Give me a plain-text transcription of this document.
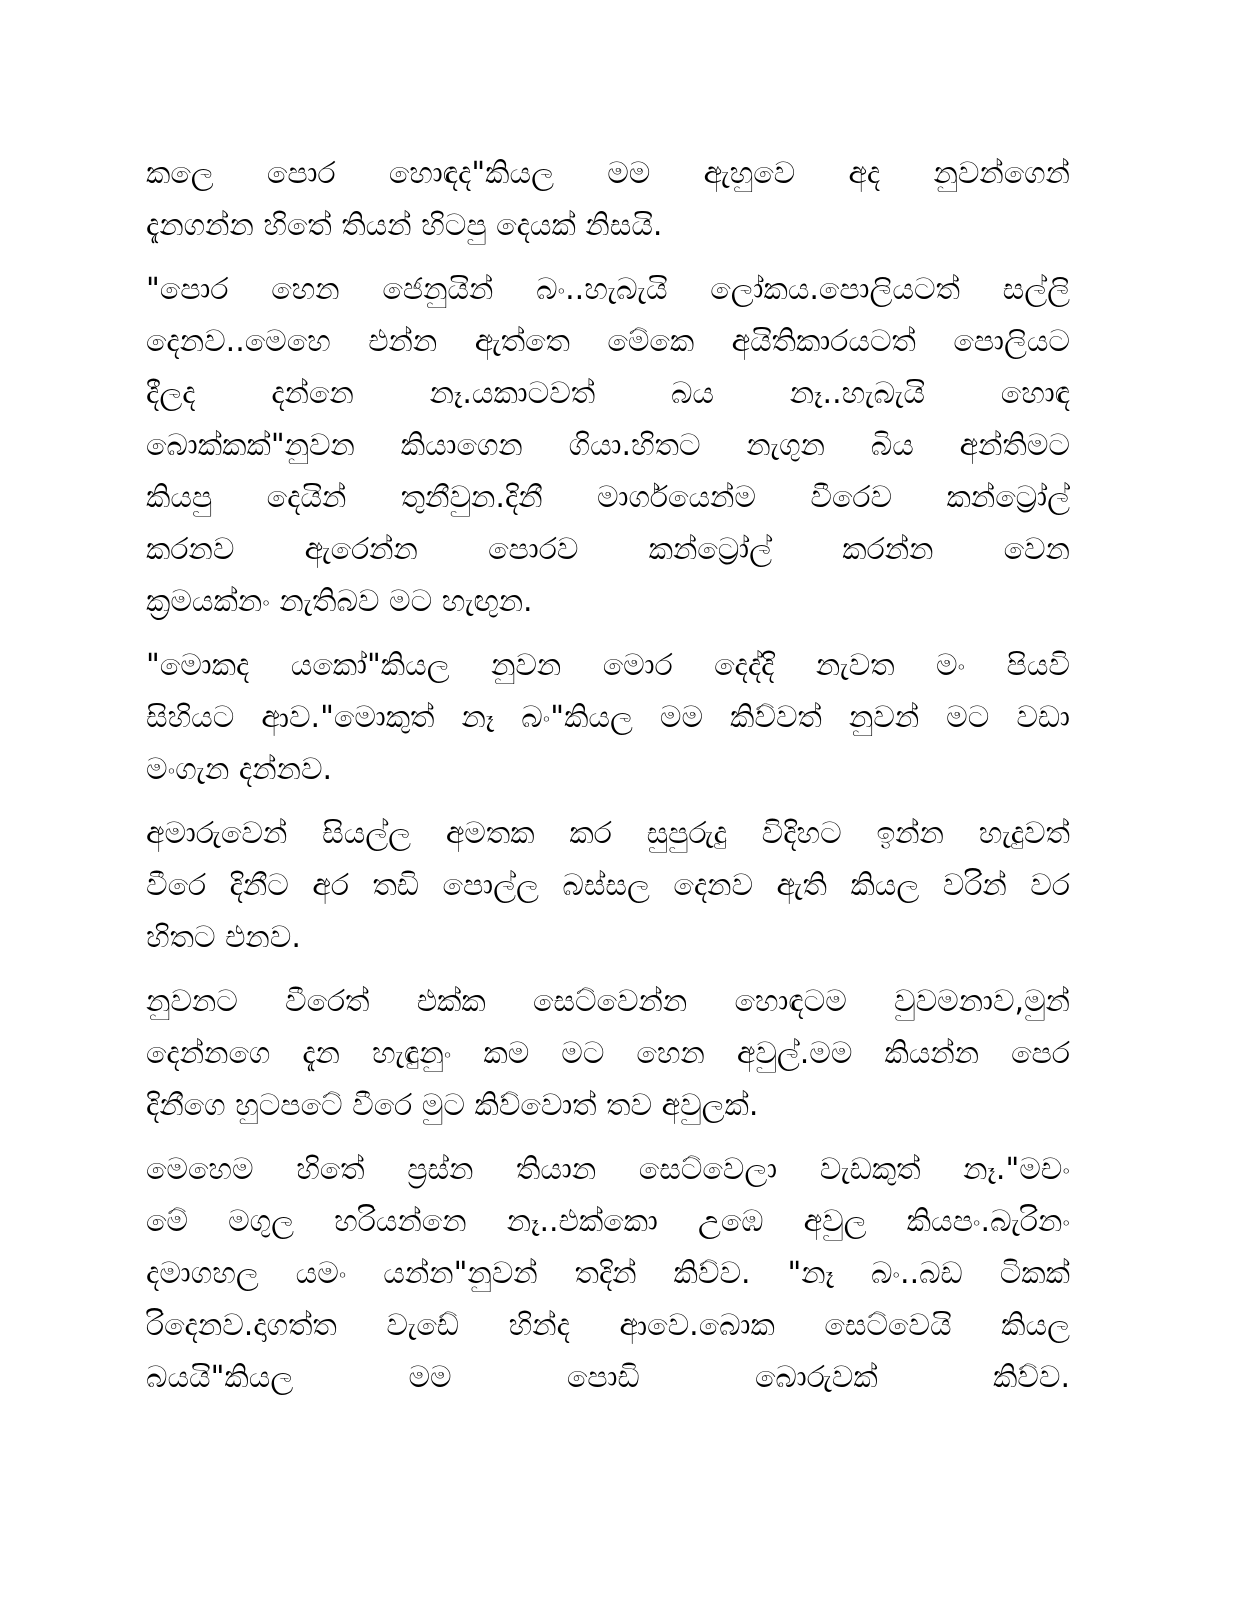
කලෙ පොර හොඳද"කියල මම ඇහුවෙ අද නුවන්ගෙන්
දැනගන්න හිතේ තියන් හිටපු දෙයක් නිසයි.

"පොර හෙන ජෙනුයින් බං..හැබැයි ලෝකය.පොලියටත් සල්ලි
දෙනව..මෙහෙ එන්න ඇත්තෙ මේකෙ අයිතිකාරයටත් පොලියට
දීලද දන්නෙ නෑ.යකාටවත් බය නෑ..හැබැයි හොඳ
බොක්කක්"නුවන කියාගෙන ගියා.හිතට නැගුන බිය අන්තිමට
කියපු දෙයින් තුනීවුන.දිනී මාර්ගයෙන්ම වීරෙව කන්ට්‍රෝල්
කරනව ඇරෙන්න පොරව කන්ට්‍රෝල් කරන්න වෙන
ක්‍රමයක්නං නැතිබව මට හැඟුන.

"මොකද යකෝ"කියල නුවන මොර දෙද්දි නැවත මං පියවි
සිහියට ආව."මොකුත් නෑ බං"කියල මම කිව්වත් නුවන් මට වඩා
මංගැන දන්නව.

අමාරුවෙන් සියල්ල අමතක කර සුපුරුදු විදිහට ඉන්න හැදුවත්
වීරෙ දිනීට අර තඩි පොල්ල බස්සල දෙනව ඇති කියල වරින් වර
හිතට එනව.

නුවනට වීරෙත් එක්ක සෙට්වෙන්න හොඳටම වුවමනාව,මුන්
දෙන්නගෙ දැන හැඳුනුං කම මට හෙන අවුල්.මම කියන්න පෙර
දිනීගෙ හුටපටේ වීරෙ මුට කිව්වොත් තව අවුලක්.

මෙහෙම හිතේ ප්‍රස්න තියාන සෙට්වෙලා වැඩකුත් නෑ."මචං
මේ මගුල හරියන්නෙ නෑ..එක්කො උඹෙ අවුල කියපං.බැරිනං
දමාගහල යමං යන්න"නුවන් තදින් කිව්ව. "නෑ බං..බඩ ටිකක්
රිදෙනව.දාගත්ත වැඩේ හින්ද ආවෙ.බොක සෙට්වෙයි කියල
බයයි"කියල මම පොඩි බොරුවක් කිව්ව.
